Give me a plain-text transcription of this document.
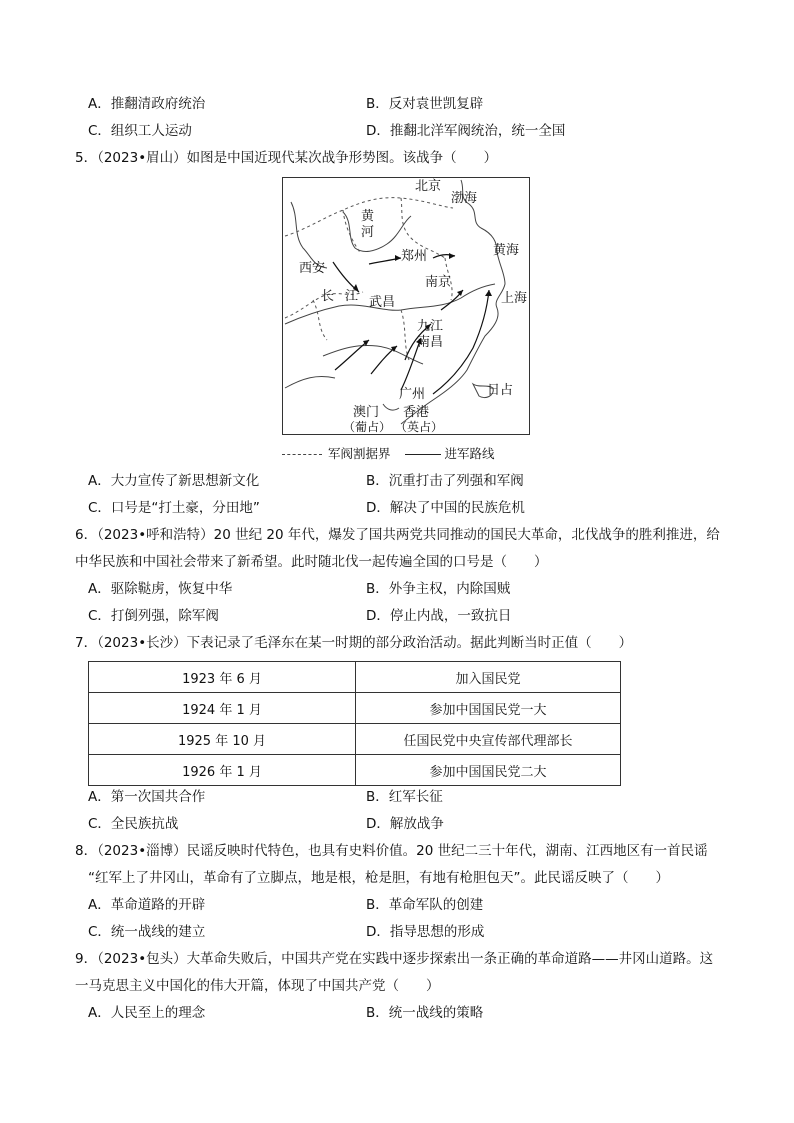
A．推翻清政府统治	B．反对袁世凯复辟
C．组织工人运动	D．推翻北洋军阀统治，统一全国
5．（2023•眉山）如图是中国近现代某次战争形势图。该战争（　　）
北京
渤海
黄
河
郑州	黄海
西安
南京
长 江 武昌	上海
九江
南昌
广州	日占
澳门 香港
（葡占） （英占）
军阀割据界	进军路线
A．大力宣传了新思想新文化	B．沉重打击了列强和军阀
C．口号是“打土豪，分田地”	D．解决了中国的民族危机
6．（2023•呼和浩特）20 世纪 20 年代，爆发了国共两党共同推动的国民大革命，北伐战争的胜利推进，给
中华民族和中国社会带来了新希望。此时随北伐一起传遍全国的口号是（　　）
A．驱除鞑虏，恢复中华	B．外争主权，内除国贼
C．打倒列强，除军阀	D．停止内战，一致抗日
7．（2023•长沙）下表记录了毛泽东在某一时期的部分政治活动。据此判断当时正值（　　）
1923 年 6 月	加入国民党
1924 年 1 月	参加中国国民党一大
1925 年 10 月	任国民党中央宣传部代理部长
1926 年 1 月	参加中国国民党二大
A．第一次国共合作	B．红军长征
C．全民族抗战	D．解放战争
8．（2023•淄博）民谣反映时代特色，也具有史料价值。20 世纪二三十年代，湖南、江西地区有一首民谣
“红军上了井冈山，革命有了立脚点，地是根，枪是胆，有地有枪胆包天”。此民谣反映了（　　）
A．革命道路的开辟	B．革命军队的创建
C．统一战线的建立	D．指导思想的形成
9．（2023•包头）大革命失败后，中国共产党在实践中逐步探索出一条正确的革命道路——井冈山道路。这
一马克思主义中国化的伟大开篇，体现了中国共产党（　　）
A．人民至上的理念	B．统一战线的策略
